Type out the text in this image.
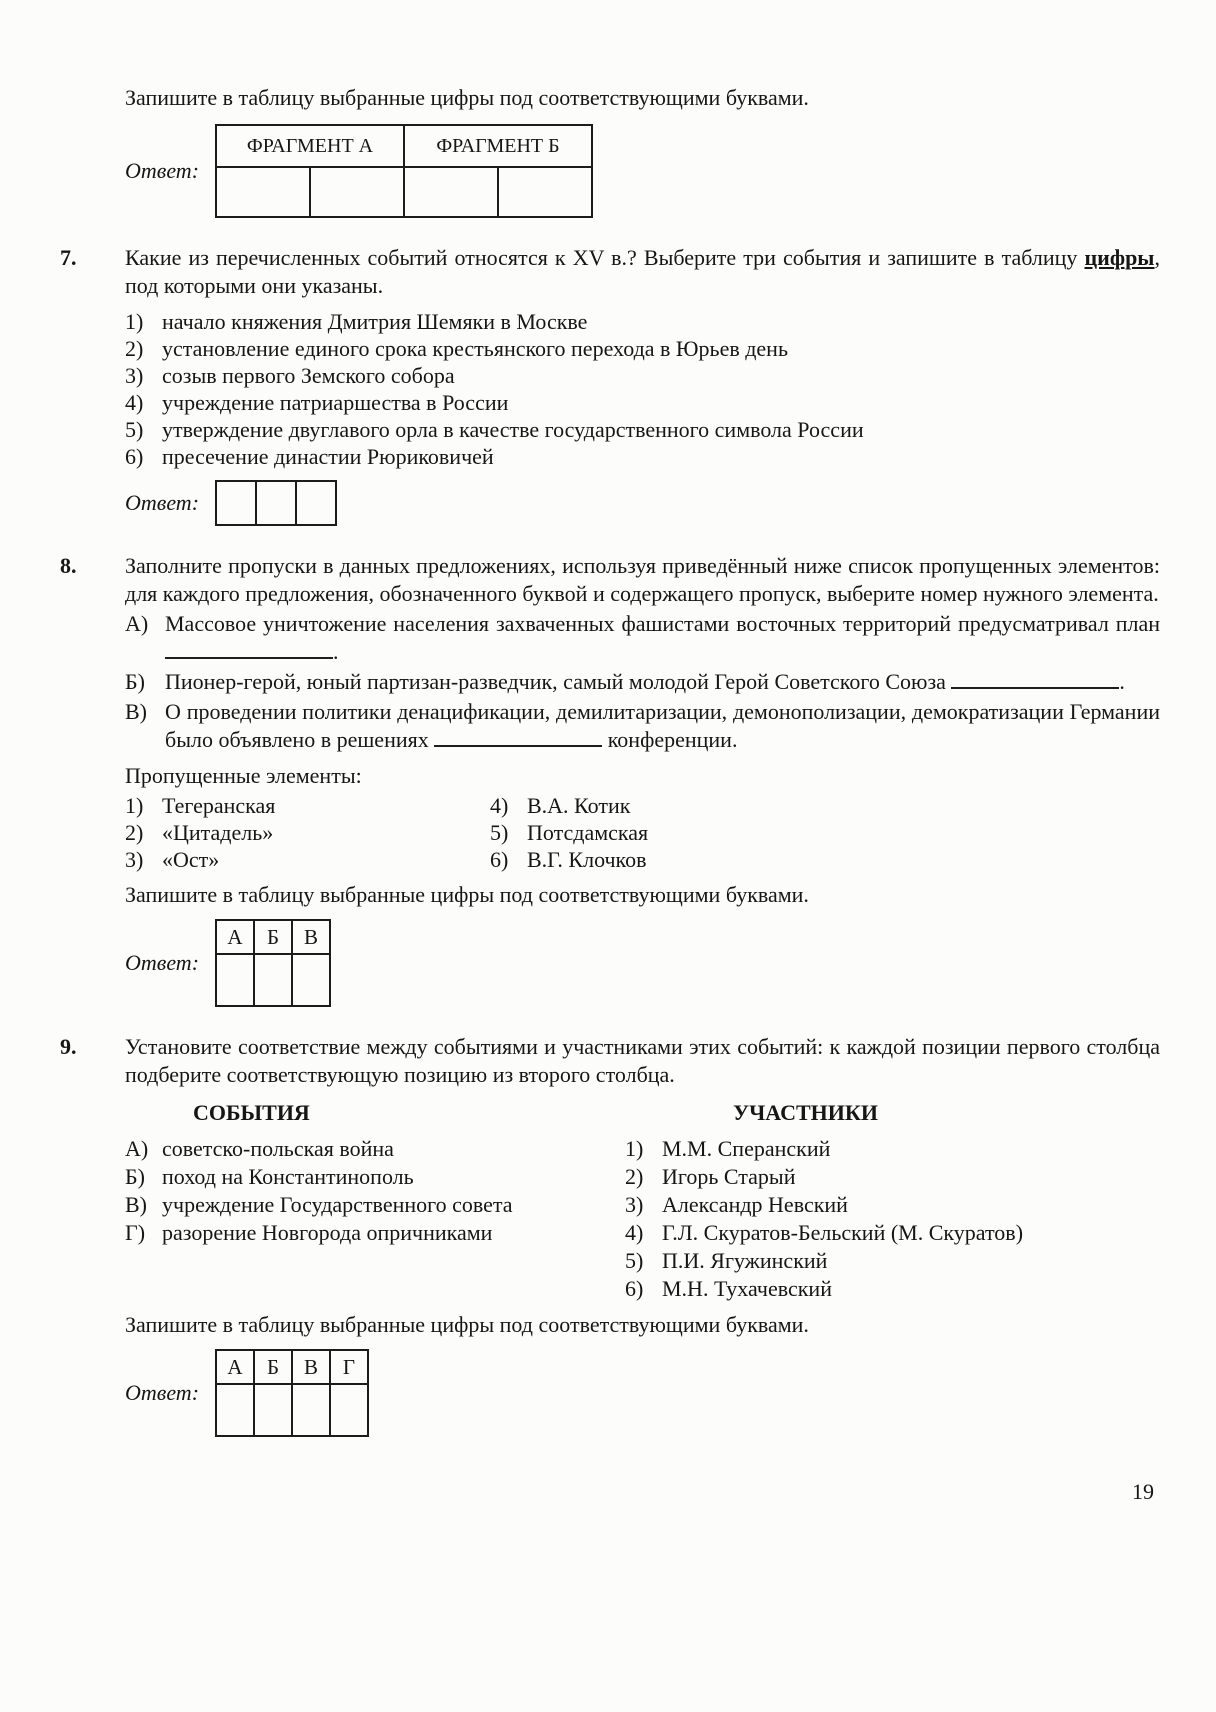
Запишите в таблицу выбранные цифры под соответствующими буквами.

Ответ:
ФРАГМЕНТ А		ФРАГМЕНТ Б	

7.	Какие из перечисленных событий относятся к XV в.? Выберите три события и запишите в таблицу цифры, под которыми они указаны.

1) начало княжения Дмитрия Шемяки в Москве
2) установление единого срока крестьянского перехода в Юрьев день
3) созыв первого Земского собора
4) учреждение патриаршества в России
5) утверждение двуглавого орла в качестве государственного символа России
6) пресечение династии Рюриковичей
Ответ:

8.	Заполните пропуски в данных предложениях, используя приведённый ниже список пропущенных элементов: для каждого предложения, обозначенного буквой и содержащего пропуск, выберите номер нужного элемента.

А) Массовое уничтожение населения захваченных фашистами восточных территорий предусматривал план .
Б) Пионер-герой, юный партизан-разведчик, самый молодой Герой Советского Союза	.
В) О проведении политики денацификации, демилитаризации, демонополизации, демократизации Германии было объявлено в решениях	конференции.

Пропущенные элементы:

1) Тегеранская
2) «Цитадель»
3) «Ост»
4) В.А. Котик
5) Потсдамская
6) В.Г. Клочков

Запишите в таблицу выбранные цифры под соответствующими буквами.

Ответ:
А	Б	В

9.	Установите соответствие между событиями и участниками этих событий: к каждой позиции первого столбца подберите соответствующую позицию из второго столбца.

СОБЫТИЯ

А) советско-польская война
Б) поход на Константинополь
В) учреждение Государственного совета
Г) разорение Новгорода опричниками

УЧАСТНИКИ

1) М.М. Сперанский
2) Игорь Старый
3) Александр Невский
4) Г.Л. Скуратов-Бельский (М. Скуратов)
5) П.И. Ягужинский
6) М.Н. Тухачевский

Запишите в таблицу выбранные цифры под соответствующими буквами.

Ответ:
А	Б	В	Г

19
